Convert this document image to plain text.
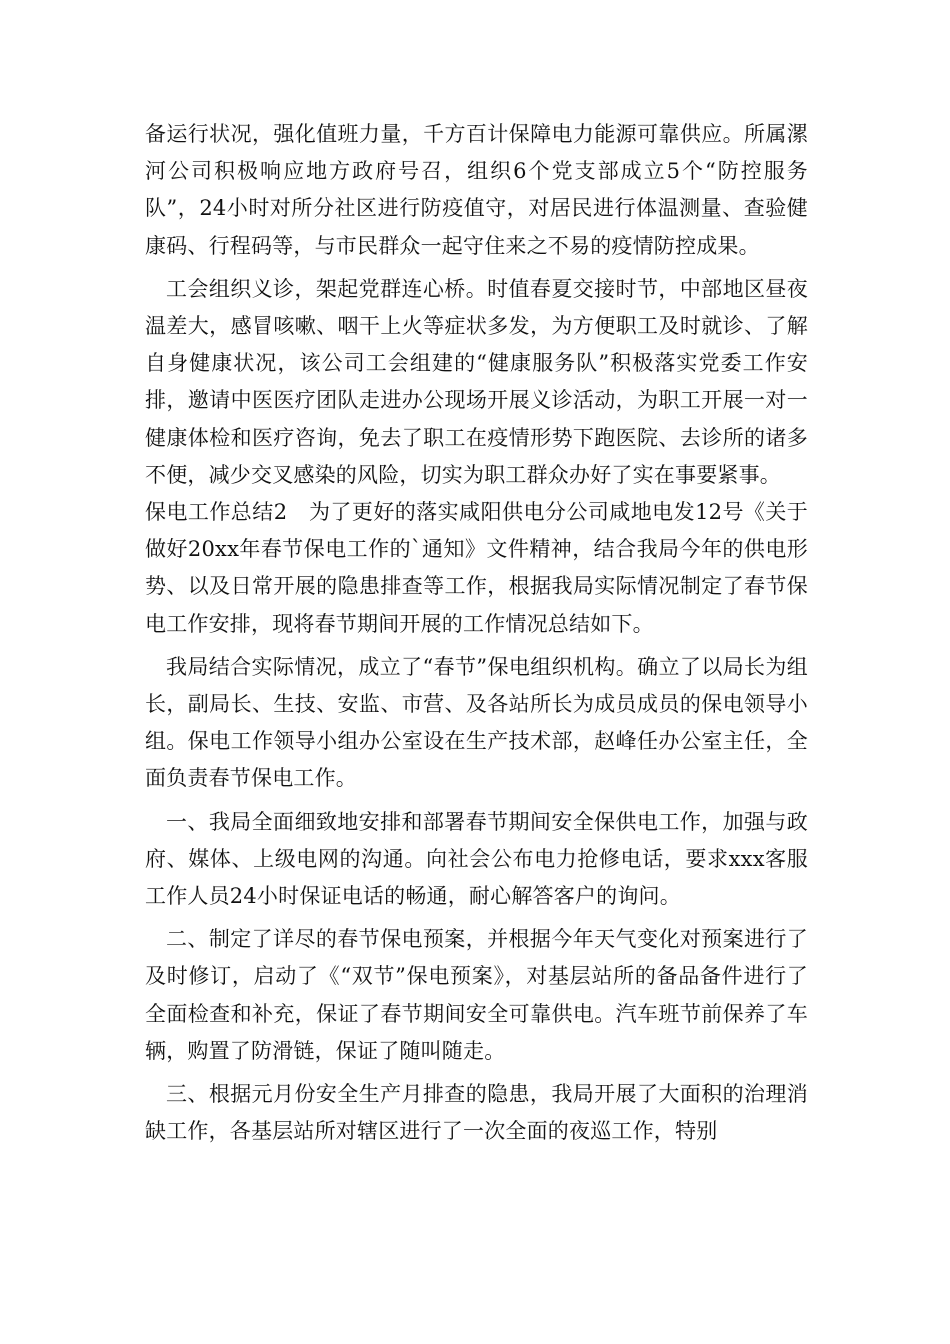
备运行状况，强化值班力量，千方百计保障电力能源可靠供应。所属漯河公司积极响应地方政府号召，组织6个党支部成立5个“防控服务队”，24小时对所分社区进行防疫值守，对居民进行体温测量、查验健康码、行程码等，与市民群众一起守住来之不易的疫情防控成果。

工会组织义诊，架起党群连心桥。时值春夏交接时节，中部地区昼夜温差大，感冒咳嗽、咽干上火等症状多发，为方便职工及时就诊、了解自身健康状况，该公司工会组建的“健康服务队”积极落实党委工作安排，邀请中医医疗团队走进办公现场开展义诊活动，为职工开展一对一健康体检和医疗咨询，免去了职工在疫情形势下跑医院、去诊所的诸多不便，减少交叉感染的风险，切实为职工群众办好了实在事要紧事。

保电工作总结2　为了更好的落实咸阳供电分公司咸地电发12号《关于做好20xx年春节保电工作的`通知》文件精神，结合我局今年的供电形势、以及日常开展的隐患排查等工作，根据我局实际情况制定了春节保电工作安排，现将春节期间开展的工作情况总结如下。

我局结合实际情况，成立了“春节”保电组织机构。确立了以局长为组长，副局长、生技、安监、市营、及各站所长为成员成员的保电领导小组。保电工作领导小组办公室设在生产技术部，赵峰任办公室主任，全面负责春节保电工作。

一、我局全面细致地安排和部署春节期间安全保供电工作，加强与政府、媒体、上级电网的沟通。向社会公布电力抢修电话，要求xxx客服工作人员24小时保证电话的畅通，耐心解答客户的询问。

二、制定了详尽的春节保电预案，并根据今年天气变化对预案进行了及时修订，启动了《“双节”保电预案》，对基层站所的备品备件进行了全面检查和补充，保证了春节期间安全可靠供电。汽车班节前保养了车辆，购置了防滑链，保证了随叫随走。

三、根据元月份安全生产月排查的隐患，我局开展了大面积的治理消缺工作，各基层站所对辖区进行了一次全面的夜巡工作，特别
